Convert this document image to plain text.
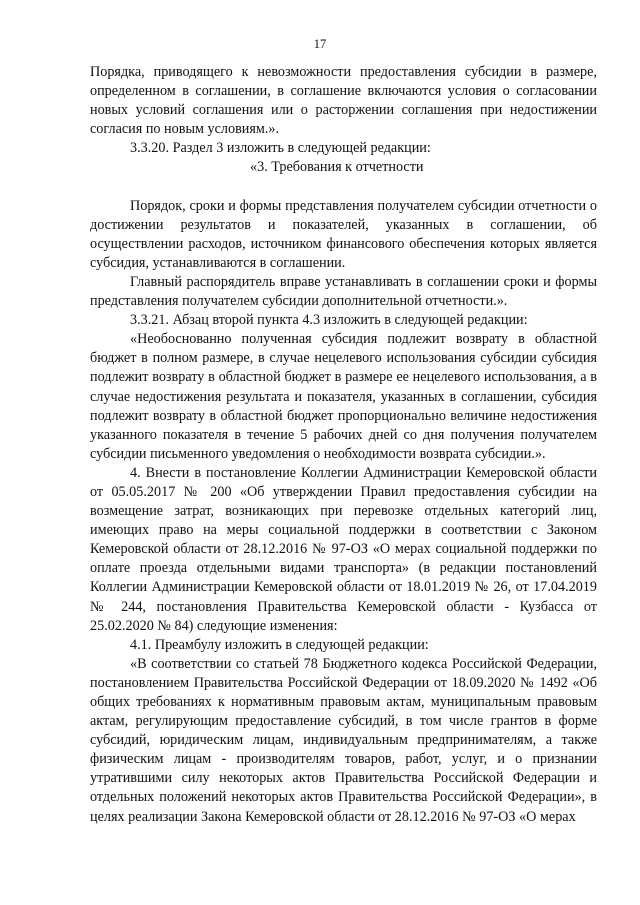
17

Порядка, приводящего к невозможности предоставления субсидии в размере, определенном в соглашении, в соглашение включаются условия о согласовании новых условий соглашения или о расторжении соглашения при недостижении согласия по новым условиям.».

3.3.20. Раздел 3 изложить в следующей редакции:

«3. Требования к отчетности

Порядок, сроки и формы представления получателем субсидии отчетности о достижении результатов и показателей, указанных в соглашении, об осуществлении расходов, источником финансового обеспечения которых является субсидия, устанавливаются в соглашении.

Главный распорядитель вправе устанавливать в соглашении сроки и формы представления получателем субсидии дополнительной отчетности.».

3.3.21. Абзац второй пункта 4.3 изложить в следующей редакции:

«Необоснованно полученная субсидия подлежит возврату в областной бюджет в полном размере, в случае нецелевого использования субсидии субсидия подлежит возврату в областной бюджет в размере ее нецелевого использования, а в случае недостижения результата и показателя, указанных в соглашении, субсидия подлежит возврату в областной бюджет пропорционально величине недостижения указанного показателя в течение 5 рабочих дней со дня получения получателем субсидии письменного уведомления о необходимости возврата субсидии.».

4. Внести в постановление Коллегии Администрации Кемеровской области от 05.05.2017 № 200 «Об утверждении Правил предоставления субсидии на возмещение затрат, возникающих при перевозке отдельных категорий лиц, имеющих право на меры социальной поддержки в соответствии с Законом Кемеровской области от 28.12.2016 № 97-ОЗ «О мерах социальной поддержки по оплате проезда отдельными видами транспорта» (в редакции постановлений Коллегии Администрации Кемеровской области от 18.01.2019 № 26, от 17.04.2019 № 244, постановления Правительства Кемеровской области - Кузбасса от 25.02.2020 № 84) следующие изменения:

4.1. Преамбулу изложить в следующей редакции:

«В соответствии со статьей 78 Бюджетного кодекса Российской Федерации, постановлением Правительства Российской Федерации от 18.09.2020 № 1492 «Об общих требованиях к нормативным правовым актам, муниципальным правовым актам, регулирующим предоставление субсидий, в том числе грантов в форме субсидий, юридическим лицам, индивидуальным предпринимателям, а также физическим лицам - производителям товаров, работ, услуг, и о признании утратившими силу некоторых актов Правительства Российской Федерации и отдельных положений некоторых актов Правительства Российской Федерации», в целях реализации Закона Кемеровской области от 28.12.2016 № 97-ОЗ «О мерах
